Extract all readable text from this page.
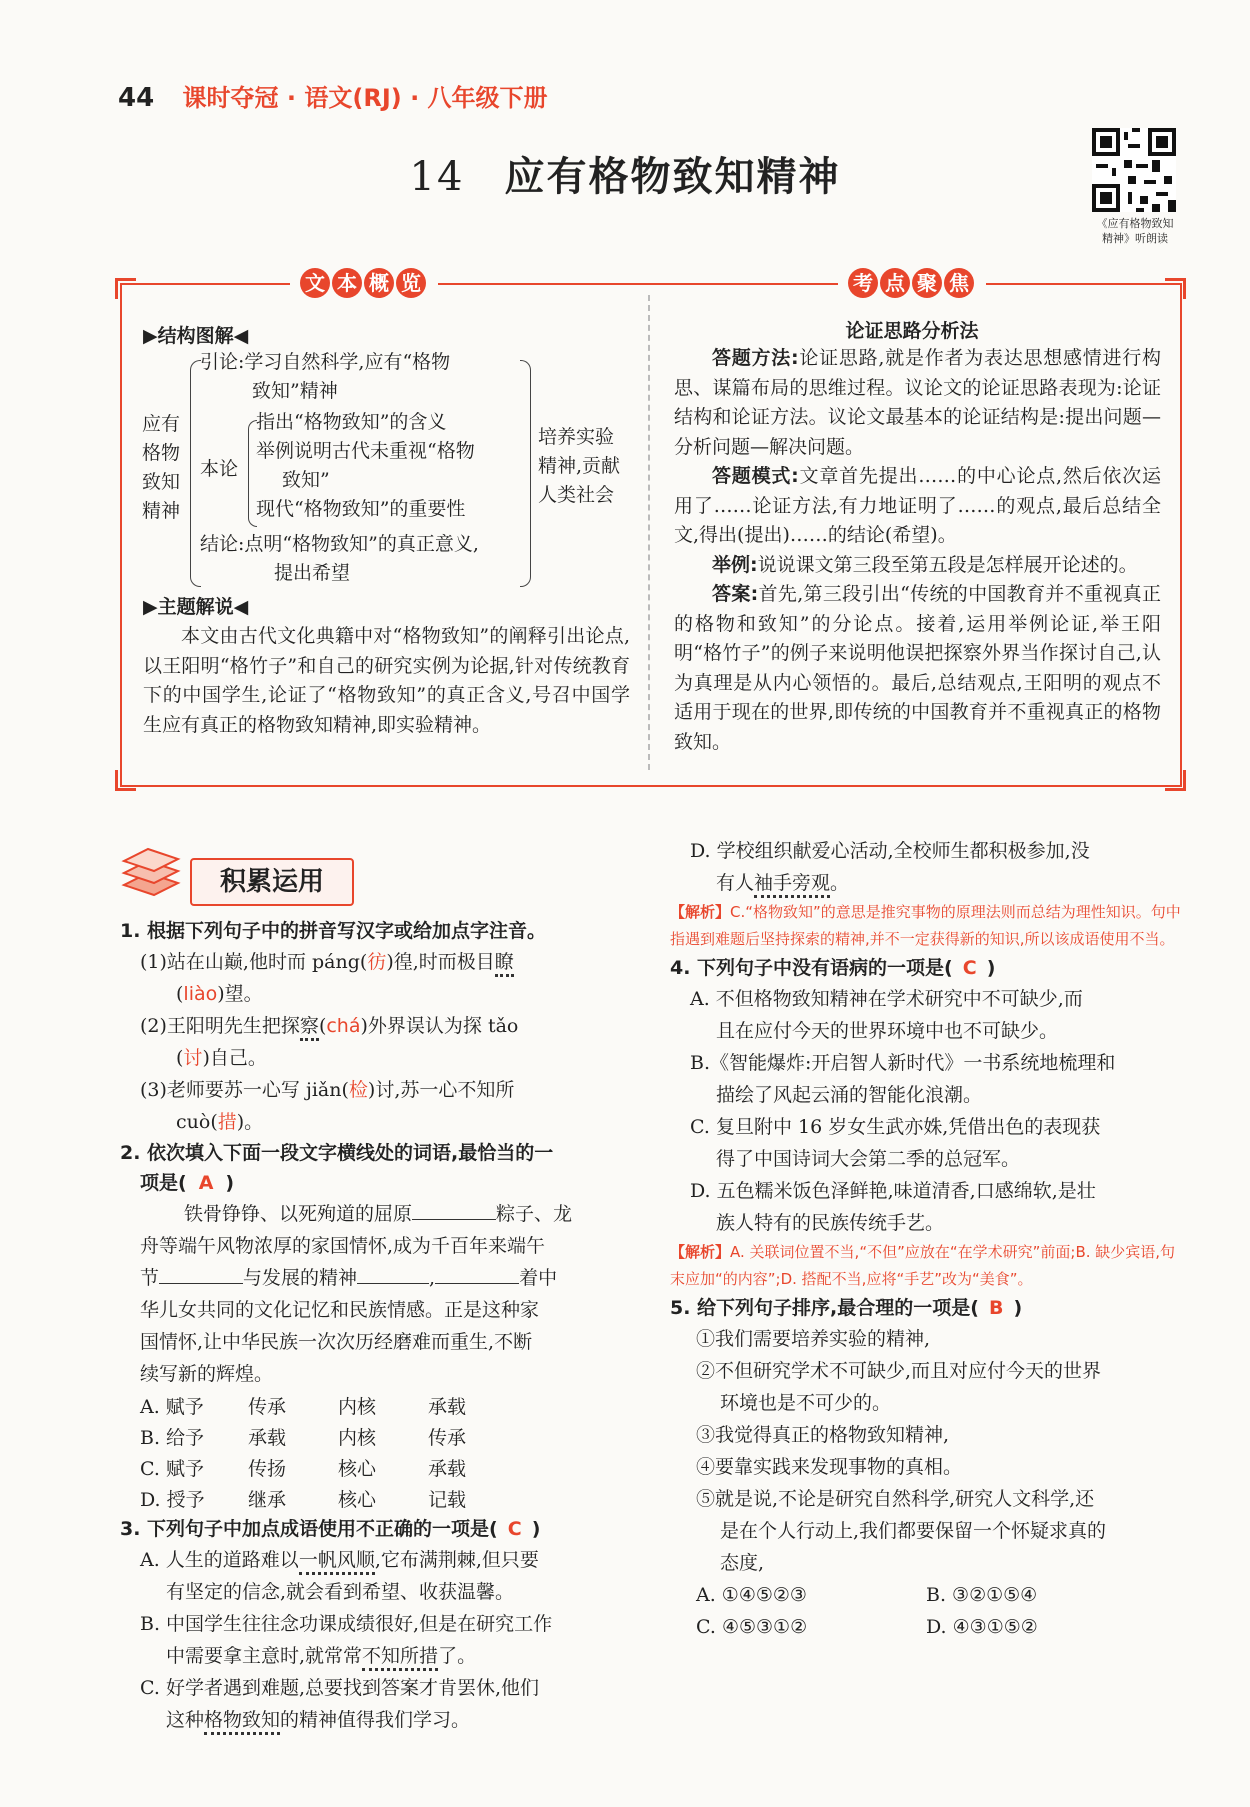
44 课时夺冠 · 语文(RJ) · 八年级下册
14 应有格物致知精神
《应有格物致知
精神》听朗读
文 本 概 览	考 点 聚 焦
▶结构图解◀
应有
格物
致知
精神
引论:学习自然科学,应有“格物
致知”精神
本论
指出“格物致知”的含义
举例说明古代未重视“格物
致知”
现代“格物致知”的重要性
结论:点明“格物致知”的真正意义,
提出希望
培养实验
精神,贡献
人类社会
▶主题解说◀
本文由古代文化典籍中对“格物致知”的阐释引出论点,以王阳明“格竹子”和自己的研究实例为论据,针对传统教育下的中国学生,论证了“格物致知”的真正含义,号召中国学生应有真正的格物致知精神,即实验精神。
论证思路分析法
答题方法:论证思路,就是作者为表达思想感情进行构思、谋篇布局的思维过程。议论文的论证思路表现为:论证结构和论证方法。议论文最基本的论证结构是:提出问题—分析问题—解决问题。
答题模式:文章首先提出……的中心论点,然后依次运用了……论证方法,有力地证明了……的观点,最后总结全文,得出(提出)……的结论(希望)。
举例:说说课文第三段至第五段是怎样展开论述的。
答案:首先,第三段引出“传统的中国教育并不重视真正的格物和致知”的分论点。接着,运用举例论证,举王阳明“格竹子”的例子来说明他误把探察外界当作探讨自己,认为真理是从内心领悟的。最后,总结观点,王阳明的观点不适用于现在的世界,即传统的中国教育并不重视真正的格物致知。
积累运用
1. 根据下列句子中的拼音写汉字或给加点字注音。
(1)站在山巅,他时而 páng(彷)徨,时而极目瞭
(liào)望。
(2)王阳明先生把探察(chá)外界误认为探 tǎo
(讨)自己。
(3)老师要苏一心写 jiǎn(检)讨,苏一心不知所
cuò(措)。
2. 依次填入下面一段文字横线处的词语,最恰当的一
项是( A )
铁骨铮铮、以死殉道的屈原	粽子、龙
舟等端午风物浓厚的家国情怀,成为千百年来端午
节	与发展的精神	,	着中
华儿女共同的文化记忆和民族情感。正是这种家
国情怀,让中华民族一次次历经磨难而重生,不断
续写新的辉煌。
A. 赋予	传承	内核	承载
B. 给予	承载	内核	传承
C. 赋予	传扬	核心	承载
D. 授予	继承	核心	记载
3. 下列句子中加点成语使用不正确的一项是( C )
A. 人生的道路难以一帆风顺,它布满荆棘,但只要
有坚定的信念,就会看到希望、收获温馨。
B. 中国学生往往念功课成绩很好,但是在研究工作
中需要拿主意时,就常常不知所措了。
C. 好学者遇到难题,总要找到答案才肯罢休,他们
这种格物致知的精神值得我们学习。
D. 学校组织献爱心活动,全校师生都积极参加,没
有人袖手旁观。
【解析】C.“格物致知”的意思是推究事物的原理法则而总结为理性知识。句中指遇到难题后坚持探索的精神,并不一定获得新的知识,所以该成语使用不当。
4. 下列句子中没有语病的一项是( C )
A. 不但格物致知精神在学术研究中不可缺少,而
且在应付今天的世界环境中也不可缺少。
B.《智能爆炸:开启智人新时代》一书系统地梳理和
描绘了风起云涌的智能化浪潮。
C. 复旦附中 16 岁女生武亦姝,凭借出色的表现获
得了中国诗词大会第二季的总冠军。
D. 五色糯米饭色泽鲜艳,味道清香,口感绵软,是壮
族人特有的民族传统手艺。
【解析】A. 关联词位置不当,“不但”应放在“在学术研究”前面;B. 缺少宾语,句末应加“的内容”;D. 搭配不当,应将“手艺”改为“美食”。
5. 给下列句子排序,最合理的一项是( B )
①我们需要培养实验的精神,
②不但研究学术不可缺少,而且对应付今天的世界
环境也是不可少的。
③我觉得真正的格物致知精神,
④要靠实践来发现事物的真相。
⑤就是说,不论是研究自然科学,研究人文科学,还
是在个人行动上,我们都要保留一个怀疑求真的
态度,
A. ①④⑤②③	B. ③②①⑤④
C. ④⑤③①②	D. ④③①⑤②
